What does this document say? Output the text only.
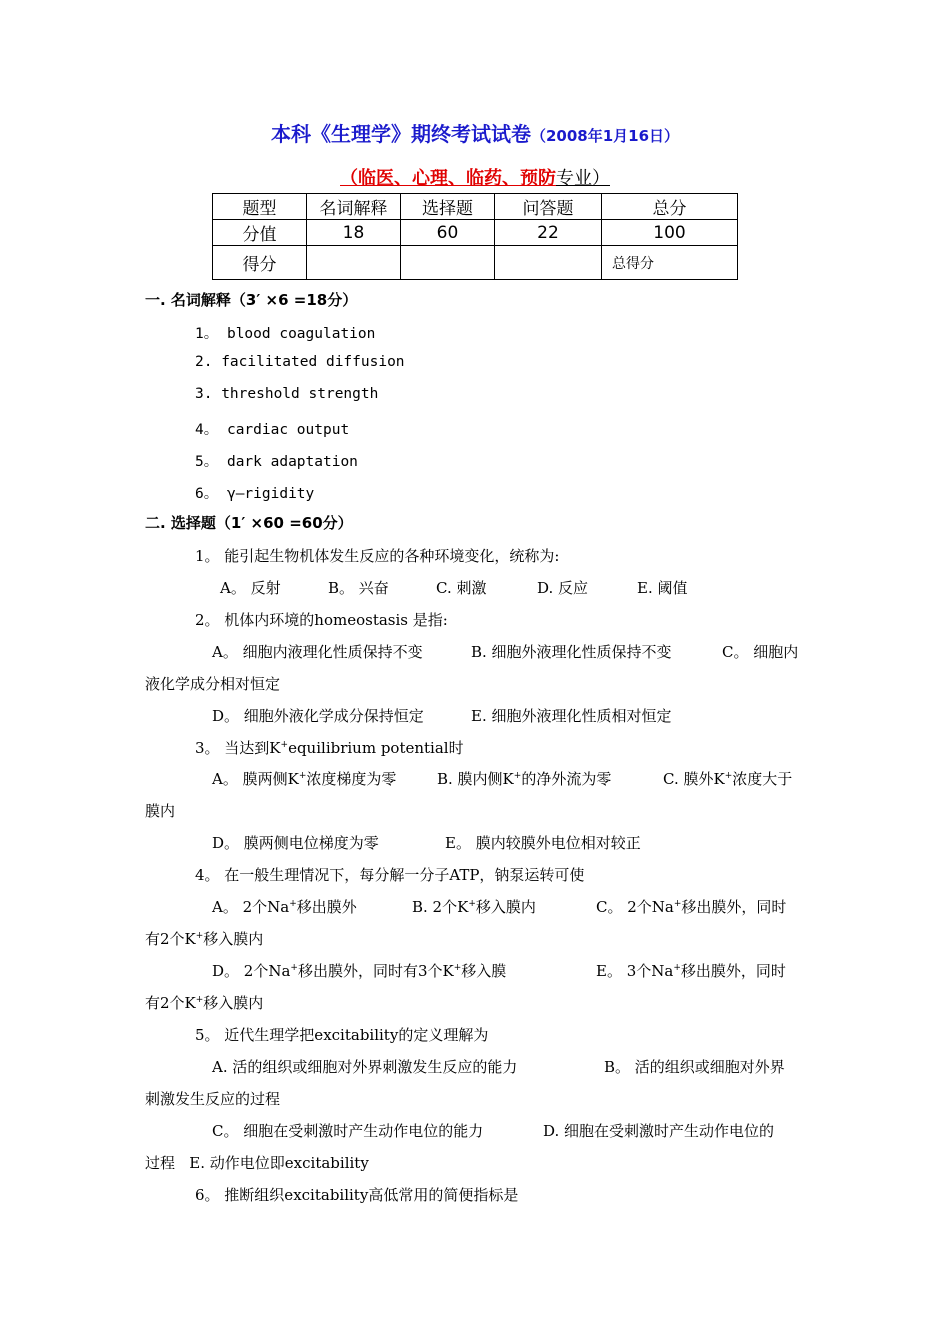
本科《生理学》期终考试试卷（2008年1月16日）
（临医、心理、临药、预防专业）
题型	名词解释	选择题	问答题	总分
分值	18	60	22	100
得分				总得分
一. 名词解释（3′ ×6 =18分）
1。 blood coagulation
2. facilitated diffusion
3. threshold strength
4。 cardiac output
5。 dark adaptation
6。 γ—rigidity
二. 选择题（1′ ×60 =60分）
1。 能引起生物机体发生反应的各种环境变化，统称为:
A。 反射	B。 兴奋	C. 刺激	D. 反应	E. 阈值
2。 机体内环境的homeostasis 是指:
A。 细胞内液理化性质保持不变	B. 细胞外液理化性质保持不变	C。 细胞内
液化学成分相对恒定
D。 细胞外液化学成分保持恒定	E. 细胞外液理化性质相对恒定
3。 当达到K+equilibrium potential时
A。 膜两侧K+浓度梯度为零	B. 膜内侧K+的净外流为零	C. 膜外K+浓度大于
膜内
D。 膜两侧电位梯度为零	E。 膜内较膜外电位相对较正
4。 在一般生理情况下，每分解一分子ATP，钠泵运转可使
A。 2个Na+移出膜外	B. 2个K+移入膜内	C。 2个Na+移出膜外，同时
有2个K+移入膜内
D。 2个Na+移出膜外，同时有3个K+移入膜	E。 3个Na+移出膜外，同时
有2个K+移入膜内
5。 近代生理学把excitability的定义理解为
A. 活的组织或细胞对外界刺激发生反应的能力	B。 活的组织或细胞对外界
刺激发生反应的过程
C。 细胞在受刺激时产生动作电位的能力	D. 细胞在受刺激时产生动作电位的
过程   E. 动作电位即excitability
6。 推断组织excitability高低常用的简便指标是
